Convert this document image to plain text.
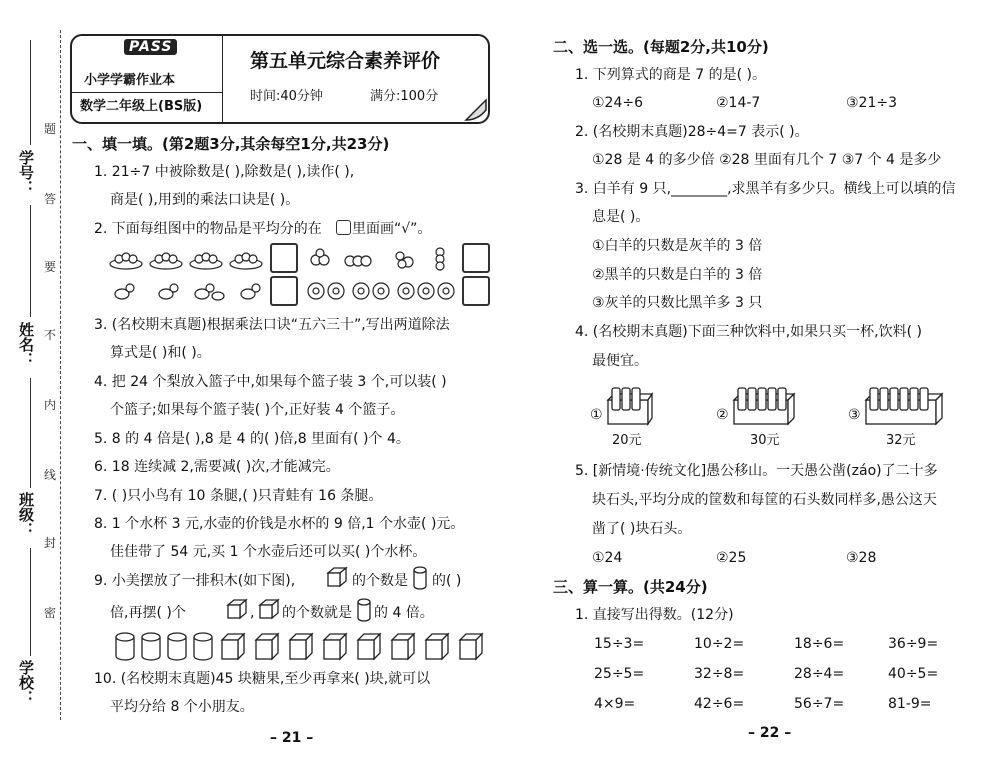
学号：
姓名：
班级：
学校：
题
答
要
不
内
线
封
密
PASS
小学学霸作业本
数学二年级上(BS版)
第五单元综合素养评价
时间:40分钟	满分:100分
一、填一填。(第2题3分,其余每空1分,共23分)
1. 21÷7 中被除数是( ),除数是( ),读作( ),
商是( ),用到的乘法口诀是( )。
2. 下面每组图中的物品是平均分的在 里面画“√”。
3. (名校期末真题)根据乘法口诀“五六三十”,写出两道除法
算式是( )和( )。
4. 把 24 个梨放入篮子中,如果每个篮子装 3 个,可以装( )
个篮子;如果每个篮子装( )个,正好装 4 个篮子。
5. 8 的 4 倍是( ),8 是 4 的( )倍,8 里面有( )个 4。
6. 18 连续减 2,需要减( )次,才能减完。
7. ( )只小鸟有 10 条腿,( )只青蛙有 16 条腿。
8. 1 个水杯 3 元,水壶的价钱是水杯的 9 倍,1 个水壶( )元。
佳佳带了 54 元,买 1 个水壶后还可以买( )个水杯。
9. 小美摆放了一排积木(如下图),	的个数是 的( )
倍,再摆( )个	, 的个数就是 的 4 倍。
10. (名校期末真题)45 块糖果,至少再拿来( )块,就可以
平均分给 8 个小朋友。
– 21 –
二、选一选。(每题2分,共10分)
1. 下列算式的商是 7 的是( )。
①24÷6	②14-7	③21÷3
2. (名校期末真题)28÷4=7 表示( )。
①28 是 4 的多少倍 ②28 里面有几个 7 ③7 个 4 是多少
3. 白羊有 9 只,________,求黑羊有多少只。横线上可以填的信
息是( )。
①白羊的只数是灰羊的 3 倍
②黑羊的只数是白羊的 3 倍
③灰羊的只数比黑羊多 3 只
4. (名校期末真题)下面三种饮料中,如果只买一杯,饮料( )
最便宜。
①
20元
②
30元
③
32元
5. [新情境·传统文化]愚公移山。一天愚公凿(záo)了二十多
块石头,平均分成的筐数和每筐的石头数同样多,愚公这天
凿了( )块石头。
①24	②25	③28
三、算一算。(共24分)
1. 直接写出得数。(12分)
15÷3=	10÷2=	18÷6=	36÷9=
25÷5=	32÷8=	28÷4=	40÷5=
4×9=	42÷6=	56÷7=	81-9=
– 22 –
